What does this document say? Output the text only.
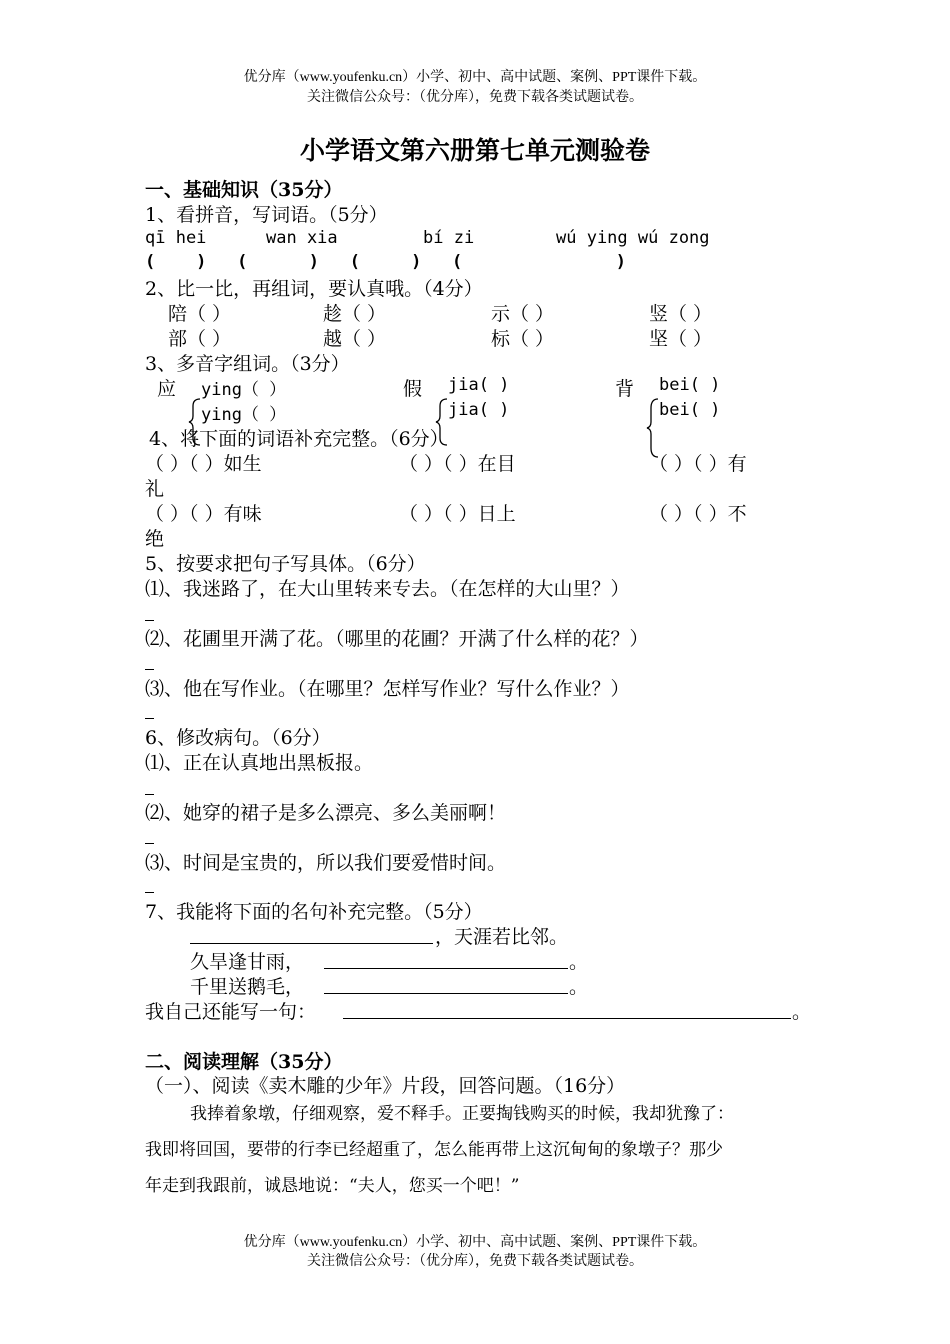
优分库（www.youfenku.cn）小学、初中、高中试题、案例、PPT课件下载。
关注微信公众号：（优分库），免费下载各类试题试卷。
小学语文第六册第七单元测验卷
一、基础知识（35分）
1、看拼音，写词语。（5分）
qī hei	wan xia	bí zi	wú ying wú zong
(    )   (      )   (     )   (               )
2、比一比，再组词，要认真哦。（4分）
陪（ ）	趁（ ）	示（ ）	竖（ ）
部（ ）	越（ ）	标（ ）	坚（ ）
3、多音字组词。（3分）
应 ying（ ）	假 jia( )	背 bei( )
ying（ ）	jia( )	bei( )
4、将下面的词语补充完整。（6分）
（ ）（ ）如生	（ ）（ ）在目	（ ）（ ）有
礼
（ ）（ ）有味	（ ）（ ）日上	（ ）（ ）不
绝
5、按要求把句子写具体。（6分）
⑴、我迷路了，在大山里转来专去。（在怎样的大山里？）
⑵、花圃里开满了花。（哪里的花圃？开满了什么样的花？）
⑶、他在写作业。（在哪里？怎样写作业？写什么作业？）
6、修改病句。（6分）
⑴、正在认真地出黑板报。
⑵、她穿的裙子是多么漂亮、多么美丽啊！
⑶、时间是宝贵的，所以我们要爱惜时间。
7、我能将下面的名句补充完整。（5分）
，天涯若比邻。
久旱逢甘雨，	。
千里送鹅毛，	。
我自己还能写一句：	。
二、阅读理解（35分）
（一）、阅读《卖木雕的少年》片段，回答问题。（16分）
我捧着象墩，仔细观察，爱不释手。正要掏钱购买的时候，我却犹豫了：
我即将回国，要带的行李已经超重了，怎么能再带上这沉甸甸的象墩子？那少
年走到我跟前，诚恳地说：“夫人，您买一个吧！”
优分库（www.youfenku.cn）小学、初中、高中试题、案例、PPT课件下载。
关注微信公众号：（优分库），免费下载各类试题试卷。
